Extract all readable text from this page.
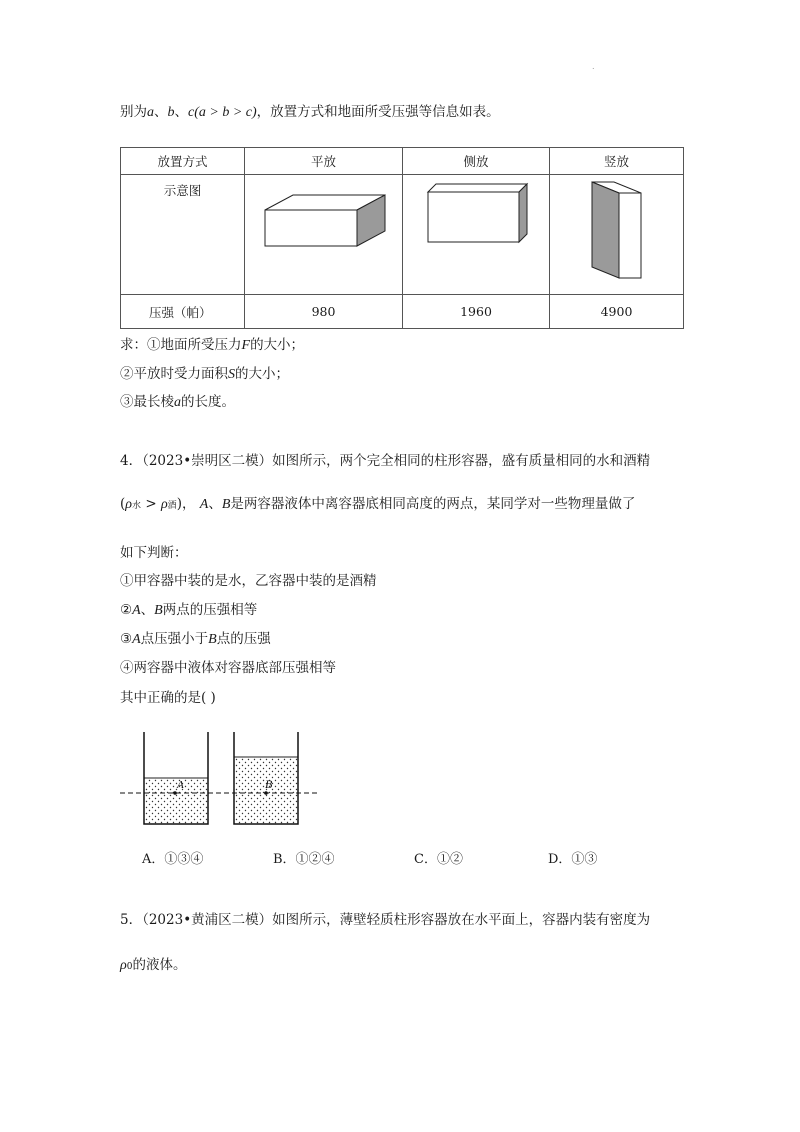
.
别为a、b、c(a > b > c)，放置方式和地面所受压强等信息如表。
放置方式	平放	侧放	竖放
示意图			
压强（帕）	980	1960	4900
求：①地面所受压力F的大小；
②平放时受力面积S的大小；
③最长棱a的长度。
4．（2023•崇明区二模）如图所示，两个完全相同的柱形容器，盛有质量相同的水和酒精
(ρ水 > ρ酒)， A、B是两容器液体中离容器底相同高度的两点，某同学对一些物理量做了
如下判断：
①甲容器中装的是水，乙容器中装的是酒精
②A、B两点的压强相等
③A点压强小于B点的压强
④两容器中液体对容器底部压强相等
其中正确的是( )
A	B
A．①③④	B．①②④	C．①②	D．①③
5．（2023•黄浦区二模）如图所示，薄壁轻质柱形容器放在水平面上，容器内装有密度为
ρ0的液体。
